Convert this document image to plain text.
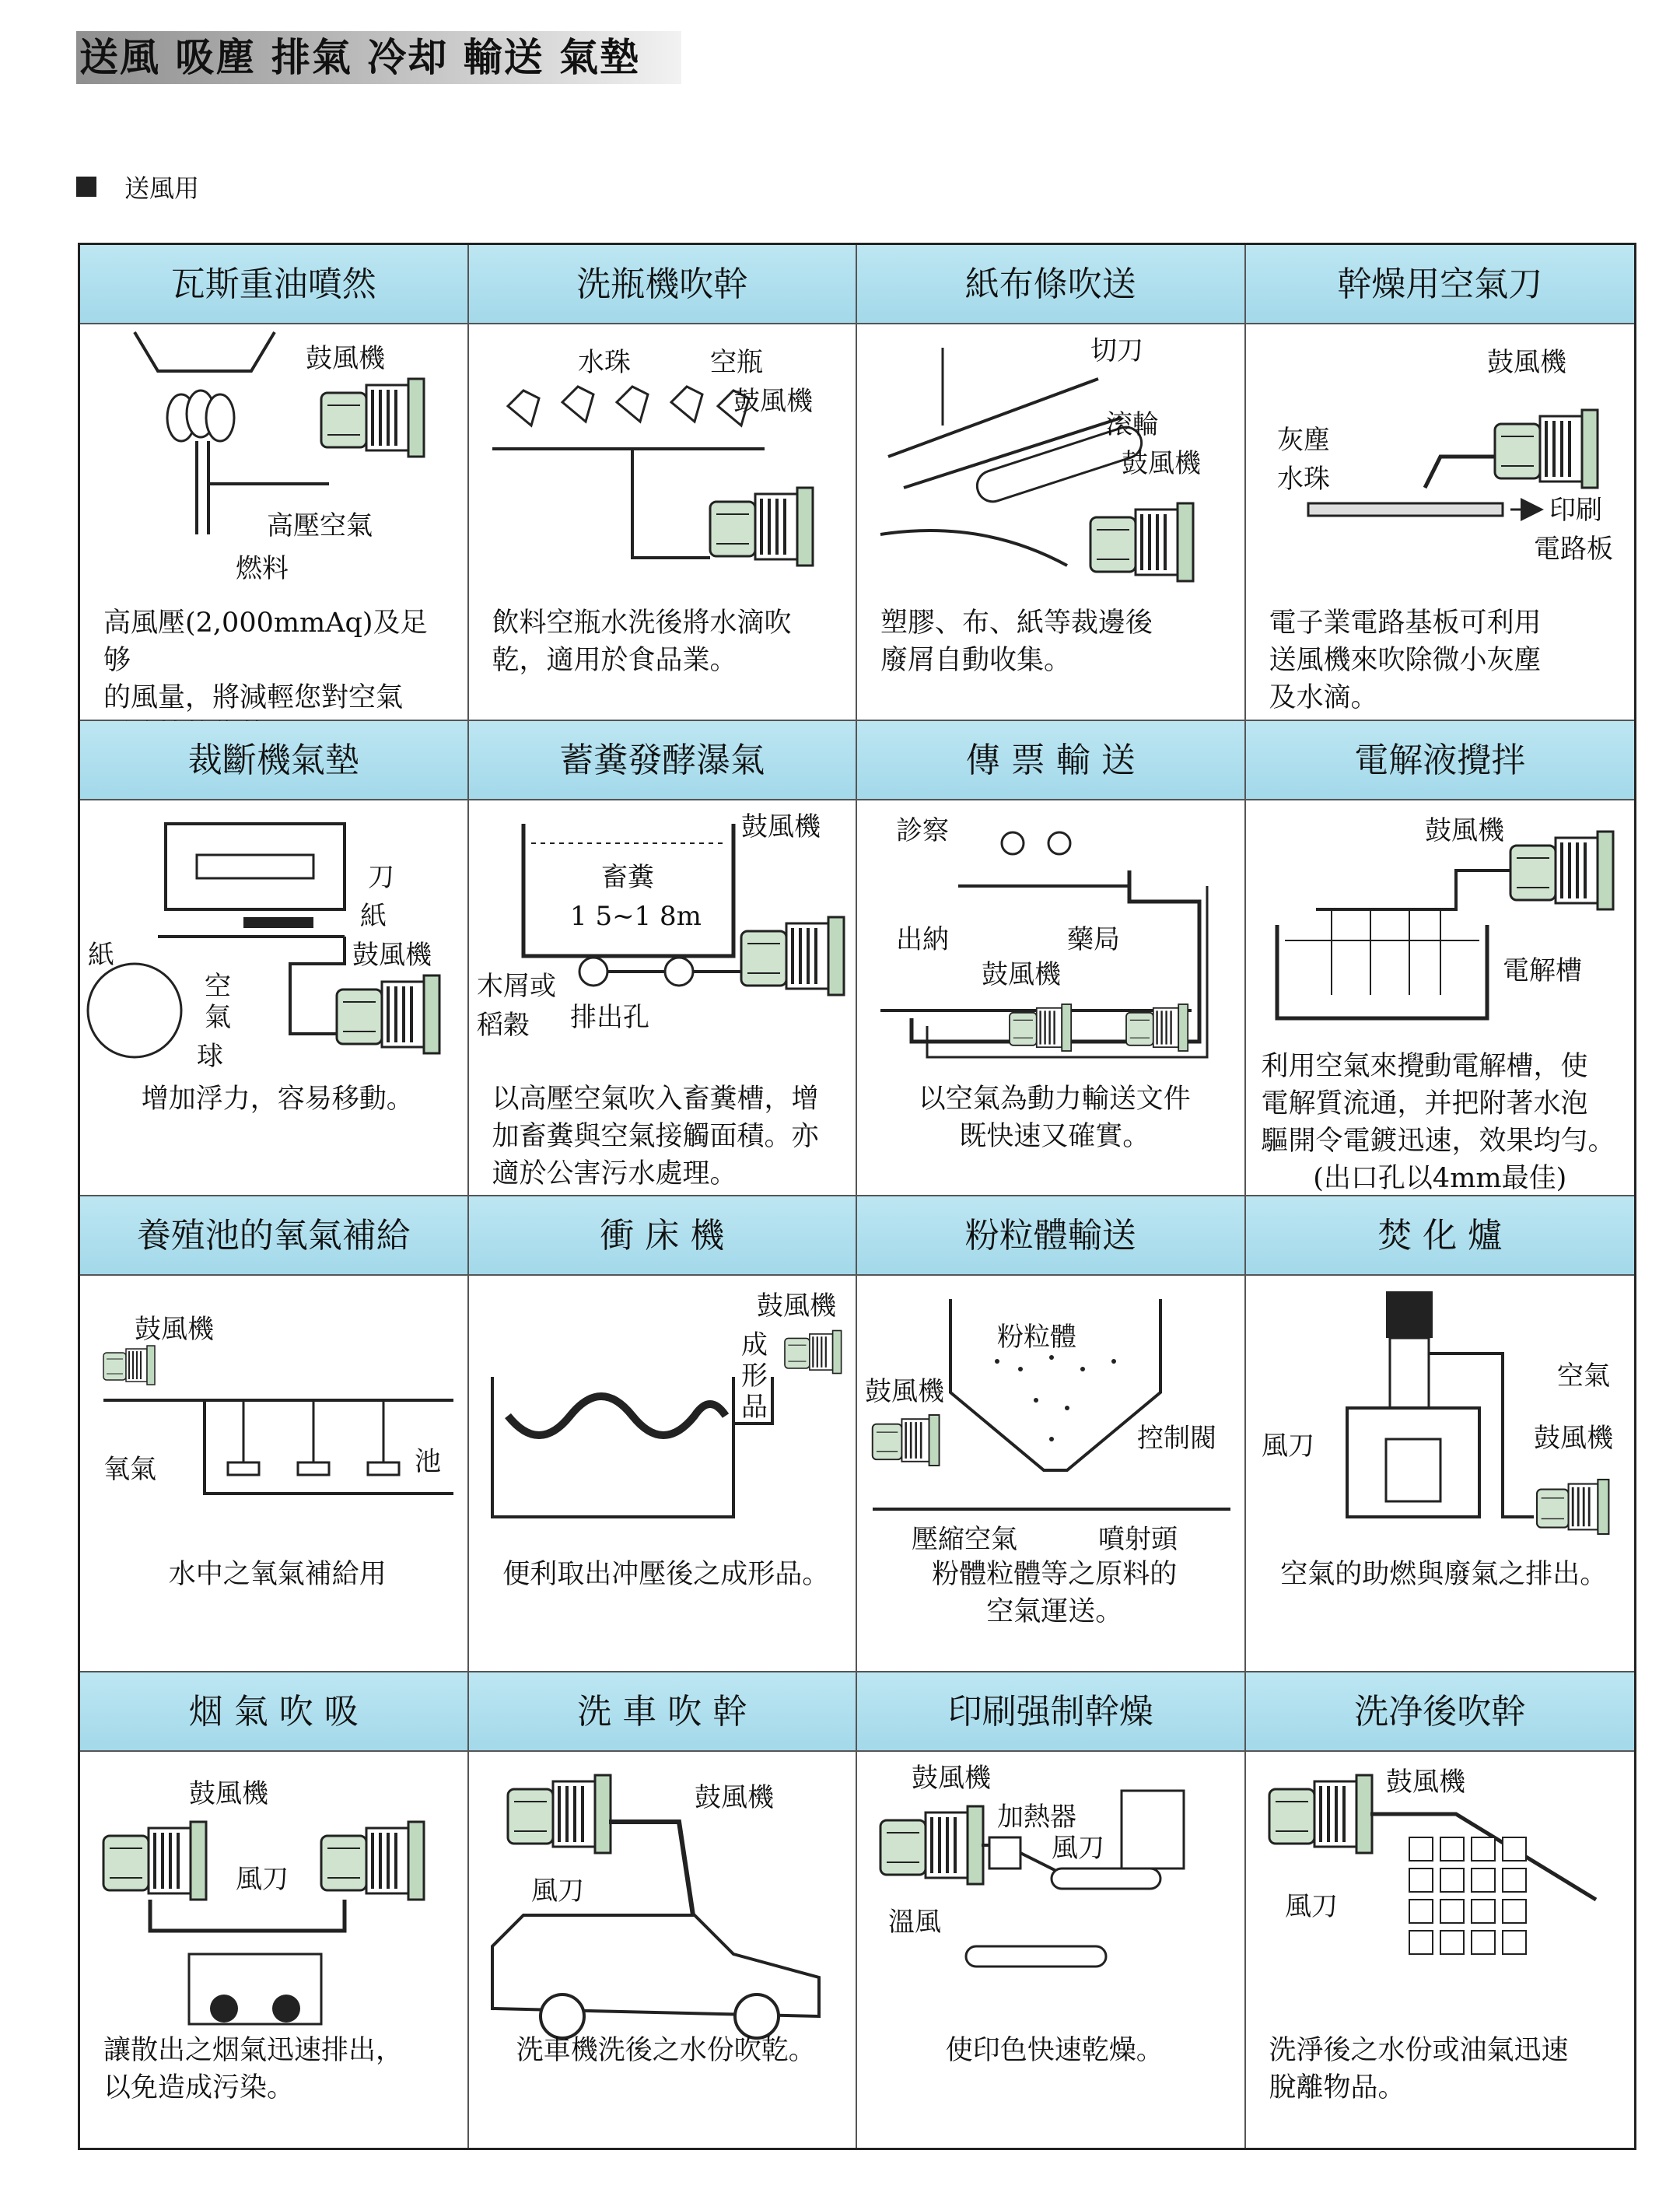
送風 吸塵 排氣 冷却 輸送 氣墊
送風用
瓦斯重油噴然
鼓風機
高壓空氣
燃料
高風壓(2,000mmAq)及足够
的風量，將減輕您對空氣
洗瓶機吹幹
水珠	空瓶
鼓風機
飲料空瓶水洗後將水滴吹
乾，適用於食品業。
紙布條吹送
切刀
滚輪
鼓風機
塑膠、布、紙等裁邊後
廢屑自動收集。
幹燥用空氣刀
鼓風機
灰塵
水珠
印刷
電路板
電子業電路基板可利用
送風機來吹除微小灰塵
及水滴。
裁斷機氣墊
刀
紙
紙	鼓風機
空
氣
球
增加浮力，容易移動。
蓄糞發酵瀑氣
鼓風機
畜糞
1 5~1 8m
木屑或
稻穀 排出孔
以高壓空氣吹入畜糞槽，增
加畜糞與空氣接觸面積。亦
適於公害污水處理。
傳 票 輸 送
診察
出納	藥局
鼓風機
以空氣為動力輸送文件
既快速又確實。
電解液攪拌
鼓風機
電解槽
利用空氣來攪動電解槽，使
電解質流通，并把附著水泡
驅開令電鍍迅速，效果均勻。
(出口孔以4mm最佳)
養殖池的氧氣補給
鼓風機
氧氣	池
水中之氧氣補給用
衝 床 機
鼓風機
成
形
品
便利取出冲壓後之成形品。
粉粒體輸送
粉粒體
鼓風機
控制閥
壓縮空氣	噴射頭
粉體粒體等之原料的
空氣運送。
焚 化 爐
空氣
風刀	鼓風機
空氣的助燃與廢氣之排出。
烟 氣 吹 吸
鼓風機
風刀
讓散出之烟氣迅速排出，
以免造成污染。
洗 車 吹 幹
鼓風機
風刀
洗車機洗後之水份吹乾。
印刷强制幹燥
鼓風機
加熱器
風刀
溫風
使印色快速乾燥。
洗净後吹幹
鼓風機
風刀
洗淨後之水份或油氣迅速
脫離物品。
